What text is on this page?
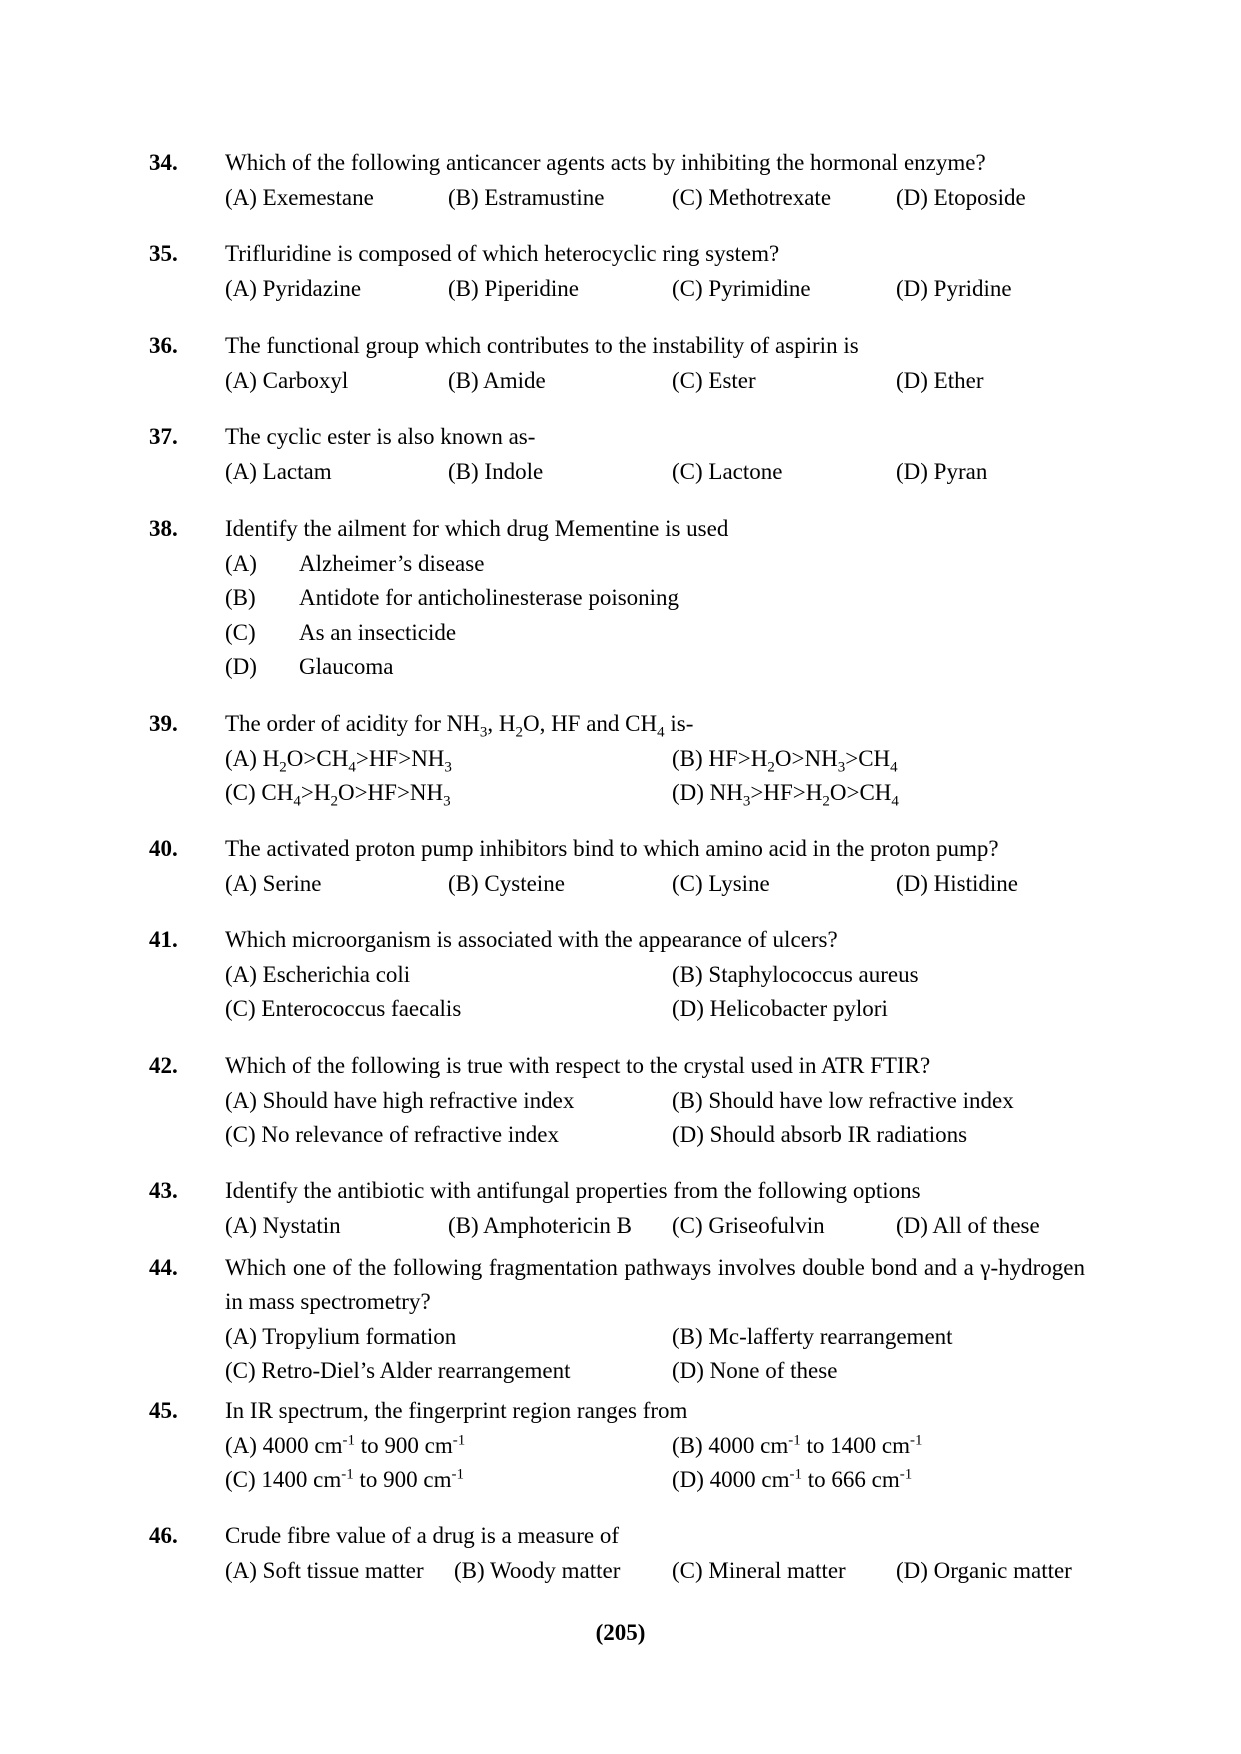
34. Which of the following anticancer agents acts by inhibiting the hormonal enzyme?
(A) Exemestane	(B) Estramustine	(C) Methotrexate	(D) Etoposide
35. Trifluridine is composed of which heterocyclic ring system?
(A) Pyridazine	(B) Piperidine	(C) Pyrimidine	(D) Pyridine
36. The functional group which contributes to the instability of aspirin is
(A) Carboxyl	(B) Amide	(C) Ester	(D) Ether
37. The cyclic ester is also known as-
(A) Lactam	(B) Indole	(C) Lactone	(D) Pyran
38. Identify the ailment for which drug Mementine is used
(A) Alzheimer’s disease
(B) Antidote for anticholinesterase poisoning
(C) As an insecticide
(D) Glaucoma
39. The order of acidity for $NH_3$, $H_2O$, HF and $CH_4$ is-
(A) $H_2O>CH_4>HF>NH_3$	(B) $HF>H_2O>NH_3>CH_4$
(C) $CH_4>H_2O>HF>NH_3$	(D) $NH_3>HF>H_2O>CH_4$
40. The activated proton pump inhibitors bind to which amino acid in the proton pump?
(A) Serine	(B) Cysteine	(C) Lysine	(D) Histidine
41. Which microorganism is associated with the appearance of ulcers?
(A) Escherichia coli	(B) Staphylococcus aureus
(C) Enterococcus faecalis	(D) Helicobacter pylori
42. Which of the following is true with respect to the crystal used in ATR FTIR?
(A) Should have high refractive index	(B) Should have low refractive index
(C) No relevance of refractive index	(D) Should absorb IR radiations
43. Identify the antibiotic with antifungal properties from the following options
(A) Nystatin	(B) Amphotericin B (C) Griseofulvin	(D) All of these
44. Which one of the following fragmentation pathways involves double bond and a γ-hydrogen in mass spectrometry?
(A) Tropylium formation	(B) Mc-lafferty rearrangement
(C) Retro-Diel’s Alder rearrangement	(D) None of these
45. In IR spectrum, the fingerprint region ranges from
(A) 4000 $cm^{-1}$ to 900 $cm^{-1}$	(B) 4000 $cm^{-1}$ to 1400 $cm^{-1}$
(C) 1400 $cm^{-1}$ to 900 $cm^{-1}$	(D) 4000 $cm^{-1}$ to 666 $cm^{-1}$
46. Crude fibre value of a drug is a measure of
(A) Soft tissue matter (B) Woody matter (C) Mineral matter (D) Organic matter
(205)
